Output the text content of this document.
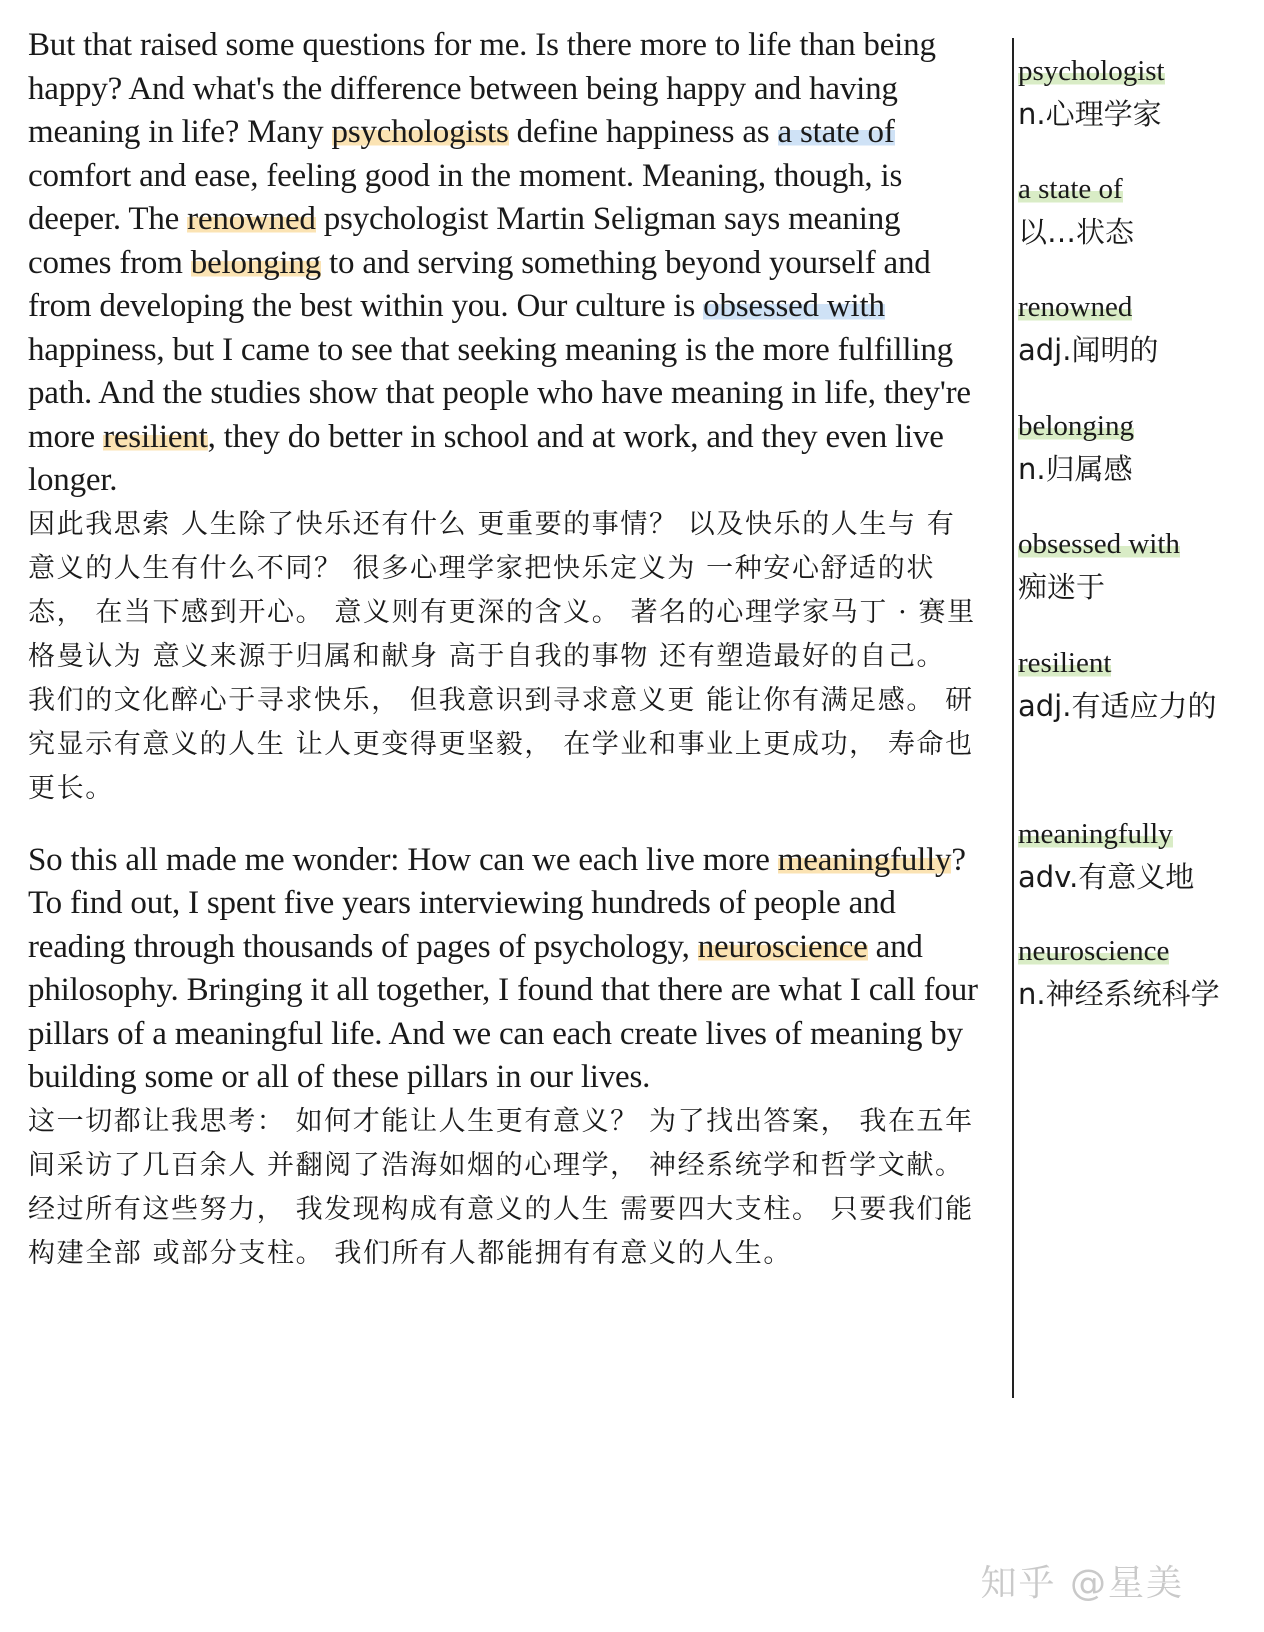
But that raised some questions for me. Is there more to life than being happy? And what's the difference between being happy and having meaning in life? Many psychologists define happiness as a state of comfort and ease, feeling good in the moment. Meaning, though, is deeper. The renowned psychologist Martin Seligman says meaning comes from belonging to and serving something beyond yourself and from developing the best within you. Our culture is obsessed with happiness, but I came to see that seeking meaning is the more fulfilling path. And the studies show that people who have meaning in life, they're more resilient, they do better in school and at work, and they even live longer.

因此我思索 人生除了快乐还有什么 更重要的事情？ 以及快乐的人生与 有意义的人生有什么不同？ 很多心理学家把快乐定义为 一种安心舒适的状态， 在当下感到开心。 意义则有更深的含义。 著名的心理学家马丁 · 赛里格曼认为 意义来源于归属和献身 高于自我的事物 还有塑造最好的自己。 我们的文化醉心于寻求快乐， 但我意识到寻求意义更 能让你有满足感。 研究显示有意义的人生 让人更变得更坚毅， 在学业和事业上更成功， 寿命也更长。

So this all made me wonder: How can we each live more meaningfully? To find out, I spent five years interviewing hundreds of people and reading through thousands of pages of psychology, neuroscience and philosophy. Bringing it all together, I found that there are what I call four pillars of a meaningful life. And we can each create lives of meaning by building some or all of these pillars in our lives.

这一切都让我思考： 如何才能让人生更有意义？ 为了找出答案， 我在五年间采访了几百余人 并翻阅了浩海如烟的心理学， 神经系统学和哲学文献。 经过所有这些努力， 我发现构成有意义的人生 需要四大支柱。 只要我们能构建全部 或部分支柱。 我们所有人都能拥有有意义的人生。

psychologist
n.心理学家
a state of
以…状态
renowned
adj.闻明的
belonging
n.归属感
obsessed with
痴迷于
resilient
adj.有适应力的
meaningfully
adv.有意义地
neuroscience
n.神经系统科学
知乎 @星美
